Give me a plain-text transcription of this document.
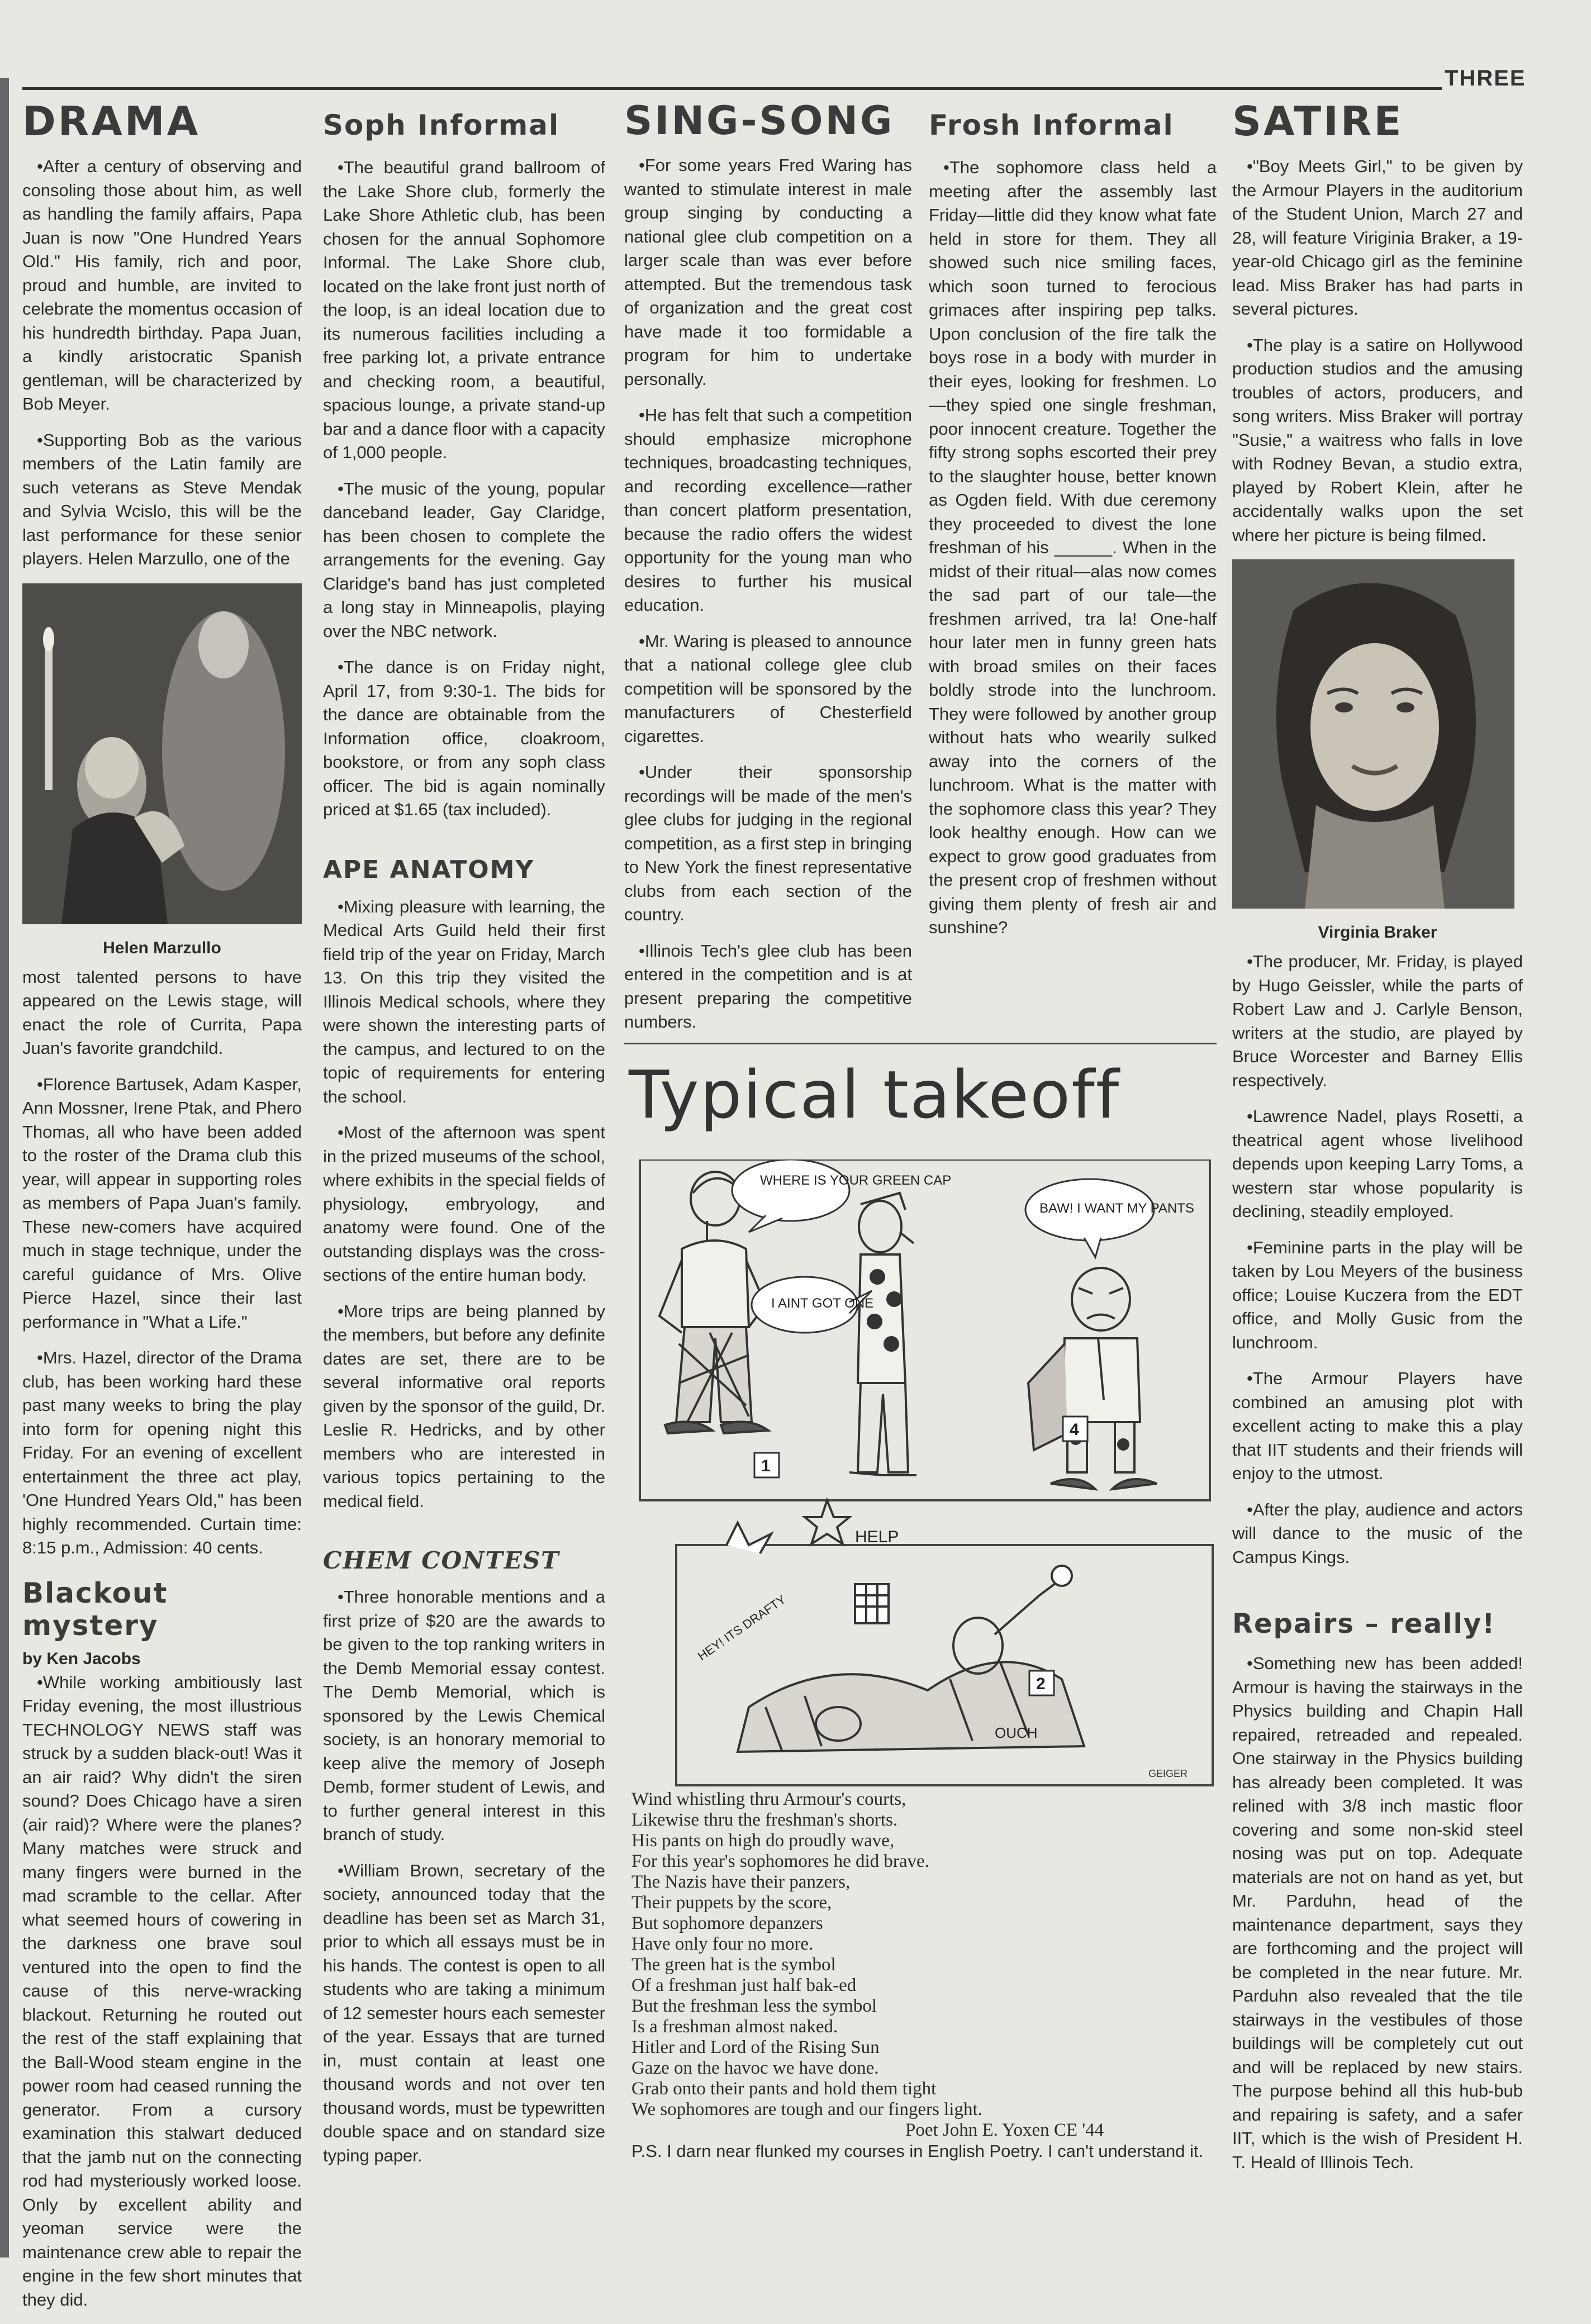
THREE
DRAMA

•After a century of observing and consoling those about him, as well as handling the family affairs, Papa Juan is now "One Hundred Years Old." His family, rich and poor, proud and humble, are invited to celebrate the momentus occasion of his hundredth birthday. Papa Juan, a kindly aristocratic Spanish gentleman, will be characterized by Bob Meyer.

•Supporting Bob as the various members of the Latin family are such veterans as Steve Mendak and Sylvia Wcislo, this will be the last performance for these senior players. Helen Marzullo, one of the

Helen Marzullo

most talented persons to have appeared on the Lewis stage, will enact the role of Currita, Papa Juan's favorite grandchild.

•Florence Bartusek, Adam Kasper, Ann Mossner, Irene Ptak, and Phero Thomas, all who have been added to the roster of the Drama club this year, will appear in supporting roles as members of Papa Juan's family. These new-comers have acquired much in stage technique, under the careful guidance of Mrs. Olive Pierce Hazel, since their last performance in "What a Life."

•Mrs. Hazel, director of the Drama club, has been working hard these past many weeks to bring the play into form for opening night this Friday. For an evening of excellent entertainment the three act play, 'One Hundred Years Old," has been highly recommended. Curtain time: 8:15 p.m., Admission: 40 cents.

Blackout mystery
by Ken Jacobs

•While working ambitiously last Friday evening, the most illustrious TECHNOLOGY NEWS staff was struck by a sudden black-out! Was it an air raid? Why didn't the siren sound? Does Chicago have a siren (air raid)? Where were the planes? Many matches were struck and many fingers were burned in the mad scramble to the cellar. After what seemed hours of cowering in the darkness one brave soul ventured into the open to find the cause of this nerve-wracking blackout. Returning he routed out the rest of the staff explaining that the Ball-Wood steam engine in the power room had ceased running the generator. From a cursory examination this stalwart deduced that the jamb nut on the connecting rod had mysteriously worked loose. Only by excellent ability and yeoman service were the maintenance crew able to repair the engine in the few short minutes that they did.

Soph Informal

•The beautiful grand ballroom of the Lake Shore club, formerly the Lake Shore Athletic club, has been chosen for the annual Sophomore Informal. The Lake Shore club, located on the lake front just north of the loop, is an ideal location due to its numerous facilities including a free parking lot, a private entrance and checking room, a beautiful, spacious lounge, a private stand-up bar and a dance floor with a capacity of 1,000 people.

•The music of the young, popular danceband leader, Gay Claridge, has been chosen to complete the arrangements for the evening. Gay Claridge's band has just completed a long stay in Minneapolis, playing over the NBC network.

•The dance is on Friday night, April 17, from 9:30-1. The bids for the dance are obtainable from the Information office, cloakroom, bookstore, or from any soph class officer. The bid is again nominally priced at $1.65 (tax included).

APE ANATOMY

•Mixing pleasure with learning, the Medical Arts Guild held their first field trip of the year on Friday, March 13. On this trip they visited the Illinois Medical schools, where they were shown the interesting parts of the campus, and lectured to on the topic of requirements for entering the school.

•Most of the afternoon was spent in the prized museums of the school, where exhibits in the special fields of physiology, embryology, and anatomy were found. One of the outstanding displays was the cross-sections of the entire human body.

•More trips are being planned by the members, but before any definite dates are set, there are to be several informative oral reports given by the sponsor of the guild, Dr. Leslie R. Hedricks, and by other members who are interested in various topics pertaining to the medical field.

CHEM CONTEST

•Three honorable mentions and a first prize of $20 are the awards to be given to the top ranking writers in the Demb Memorial essay contest. The Demb Memorial, which is sponsored by the Lewis Chemical society, is an honorary memorial to keep alive the memory of Joseph Demb, former student of Lewis, and to further general interest in this branch of study.

•William Brown, secretary of the society, announced today that the deadline has been set as March 31, prior to which all essays must be in his hands. The contest is open to all students who are taking a minimum of 12 semester hours each semester of the year. Essays that are turned in, must contain at least one thousand words and not over ten thousand words, must be typewritten double space and on standard size typing paper.

SING-SONG

•For some years Fred Waring has wanted to stimulate interest in male group singing by conducting a national glee club competition on a larger scale than was ever before attempted. But the tremendous task of organization and the great cost have made it too formidable a program for him to undertake personally.

•He has felt that such a competition should emphasize microphone techniques, broadcasting techniques, and recording excellence—rather than concert platform presentation, because the radio offers the widest opportunity for the young man who desires to further his musical education.

•Mr. Waring is pleased to announce that a national college glee club competition will be sponsored by the manufacturers of Chesterfield cigarettes.

•Under their sponsorship recordings will be made of the men's glee clubs for judging in the regional competition, as a first step in bringing to New York the finest representative clubs from each section of the country.

•Illinois Tech's glee club has been entered in the competition and is at present preparing the competitive numbers.

Frosh Informal

•The sophomore class held a meeting after the assembly last Friday—little did they know what fate held in store for them. They all showed such nice smiling faces, which soon turned to ferocious grimaces after inspiring pep talks. Upon conclusion of the fire talk the boys rose in a body with murder in their eyes, looking for freshmen. Lo—they spied one single freshman, poor innocent creature. Together the fifty strong sophs escorted their prey to the slaughter house, better known as Ogden field. With due ceremony they proceeded to divest the lone freshman of his ______. When in the midst of their ritual—alas now comes the sad part of our tale—the freshmen arrived, tra la! One-half hour later men in funny green hats with broad smiles on their faces boldly strode into the lunchroom. They were followed by another group without hats who wearily sulked away into the corners of the lunchroom. What is the matter with the sophomore class this year? They look healthy enough. How can we expect to grow good graduates from the present crop of freshmen without giving them plenty of fresh air and sunshine?

Typical takeoff
WHERE IS YOUR GREEN CAP
I AINT GOT ONE
BAW! I WANT MY PANTS
1
4
HELP
HEY! ITS DRAFTY
OUCH
2
GEIGER
Wind whistling thru Armour's courts,
Likewise thru the freshman's shorts.
His pants on high do proudly wave,
For this year's sophomores he did brave.
The Nazis have their panzers,
Their puppets by the score,
But sophomore depanzers
Have only four no more.
The green hat is the symbol
Of a freshman just half bak-ed
But the freshman less the symbol
Is a freshman almost naked.
Hitler and Lord of the Rising Sun
Gaze on the havoc we have done.
Grab onto their pants and hold them tight
We sophomores are tough and our fingers light.
Poet John E. Yoxen CE '44
P.S. I darn near flunked my courses in English Poetry. I can't understand it.
SATIRE

•"Boy Meets Girl," to be given by the Armour Players in the auditorium of the Student Union, March 27 and 28, will feature Viriginia Braker, a 19-year-old Chicago girl as the feminine lead. Miss Braker has had parts in several pictures.

•The play is a satire on Hollywood production studios and the amusing troubles of actors, producers, and song writers. Miss Braker will portray "Susie," a waitress who falls in love with Rodney Bevan, a studio extra, played by Robert Klein, after he accidentally walks upon the set where her picture is being filmed.

Virginia Braker

•The producer, Mr. Friday, is played by Hugo Geissler, while the parts of Robert Law and J. Carlyle Benson, writers at the studio, are played by Bruce Worcester and Barney Ellis respectively.

•Lawrence Nadel, plays Rosetti, a theatrical agent whose livelihood depends upon keeping Larry Toms, a western star whose popularity is declining, steadily employed.

•Feminine parts in the play will be taken by Lou Meyers of the business office; Louise Kuczera from the EDT office, and Molly Gusic from the lunchroom.

•The Armour Players have combined an amusing plot with excellent acting to make this a play that IIT students and their friends will enjoy to the utmost.

•After the play, audience and actors will dance to the music of the Campus Kings.

Repairs – really!

•Something new has been added! Armour is having the stairways in the Physics building and Chapin Hall repaired, retreaded and repealed. One stairway in the Physics building has already been completed. It was relined with 3/8 inch mastic floor covering and some non-skid steel nosing was put on top. Adequate materials are not on hand as yet, but Mr. Parduhn, head of the maintenance department, says they are forthcoming and the project will be completed in the near future. Mr. Parduhn also revealed that the tile stairways in the vestibules of those buildings will be completely cut out and will be replaced by new stairs. The purpose behind all this hub-bub and repairing is safety, and a safer IIT, which is the wish of President H. T. Heald of Illinois Tech.
